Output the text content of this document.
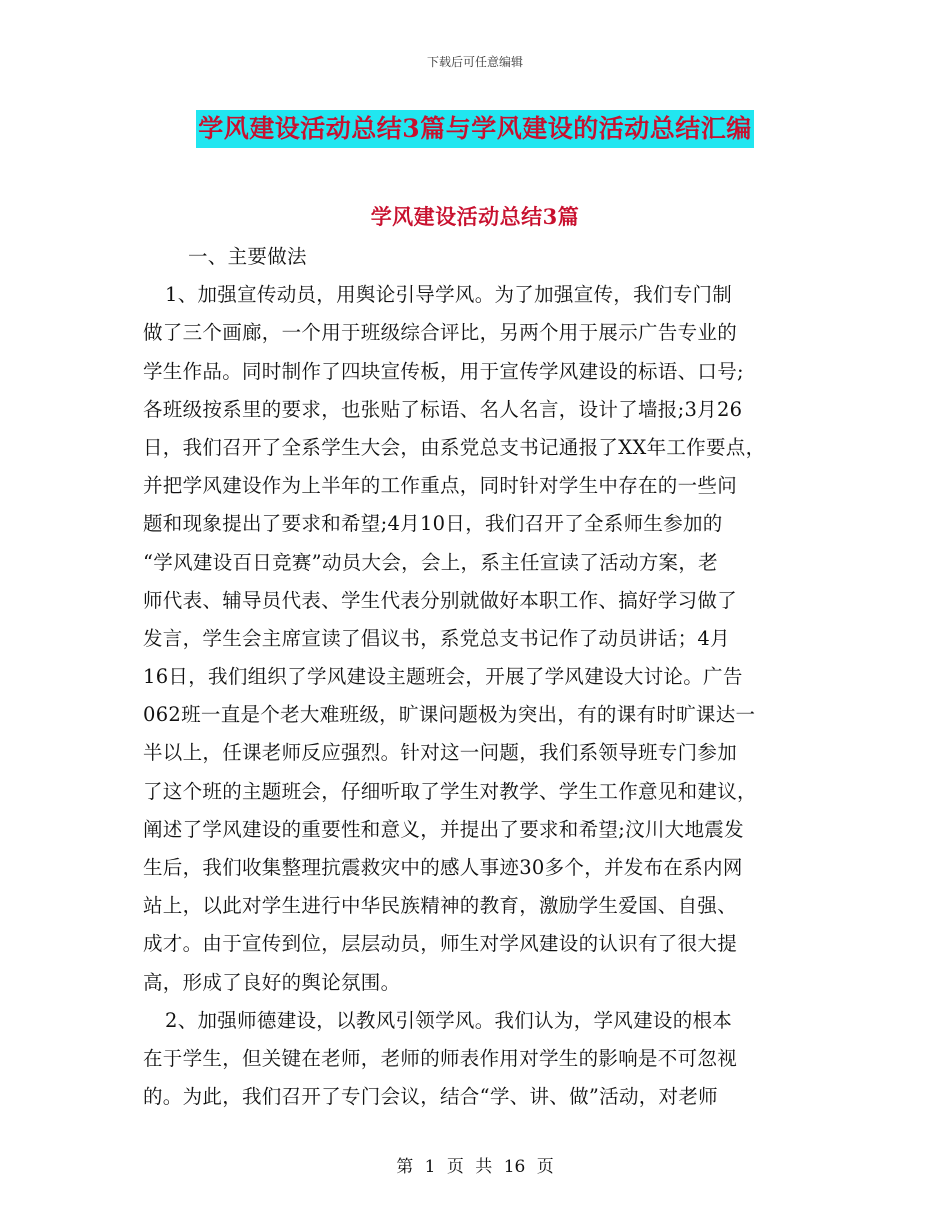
下载后可任意编辑
学风建设活动总结3篇与学风建设的活动总结汇编
学风建设活动总结3篇
一、主要做法
1、加强宣传动员，用舆论引导学风。为了加强宣传，我们专门制
做了三个画廊，一个用于班级综合评比，另两个用于展示广告专业的
学生作品。同时制作了四块宣传板，用于宣传学风建设的标语、口号;
各班级按系里的要求，也张贴了标语、名人名言，设计了墙报;3月26
日，我们召开了全系学生大会，由系党总支书记通报了XX年工作要点，
并把学风建设作为上半年的工作重点，同时针对学生中存在的一些问
题和现象提出了要求和希望;4月10日，我们召开了全系师生参加的
“学风建设百日竞赛”动员大会，会上，系主任宣读了活动方案，老
师代表、辅导员代表、学生代表分别就做好本职工作、搞好学习做了
发言，学生会主席宣读了倡议书，系党总支书记作了动员讲话；4月
16日，我们组织了学风建设主题班会，开展了学风建设大讨论。广告
062班一直是个老大难班级，旷课问题极为突出，有的课有时旷课达一
半以上，任课老师反应强烈。针对这一问题，我们系领导班专门参加
了这个班的主题班会，仔细听取了学生对教学、学生工作意见和建议，
阐述了学风建设的重要性和意义，并提出了要求和希望;汶川大地震发
生后，我们收集整理抗震救灾中的感人事迹30多个，并发布在系内网
站上，以此对学生进行中华民族精神的教育，激励学生爱国、自强、
成才。由于宣传到位，层层动员，师生对学风建设的认识有了很大提
高，形成了良好的舆论氛围。
2、加强师德建设，以教风引领学风。我们认为，学风建设的根本
在于学生，但关键在老师，老师的师表作用对学生的影响是不可忽视
的。为此，我们召开了专门会议，结合“学、讲、做”活动，对老师
第 1 页 共 16 页
